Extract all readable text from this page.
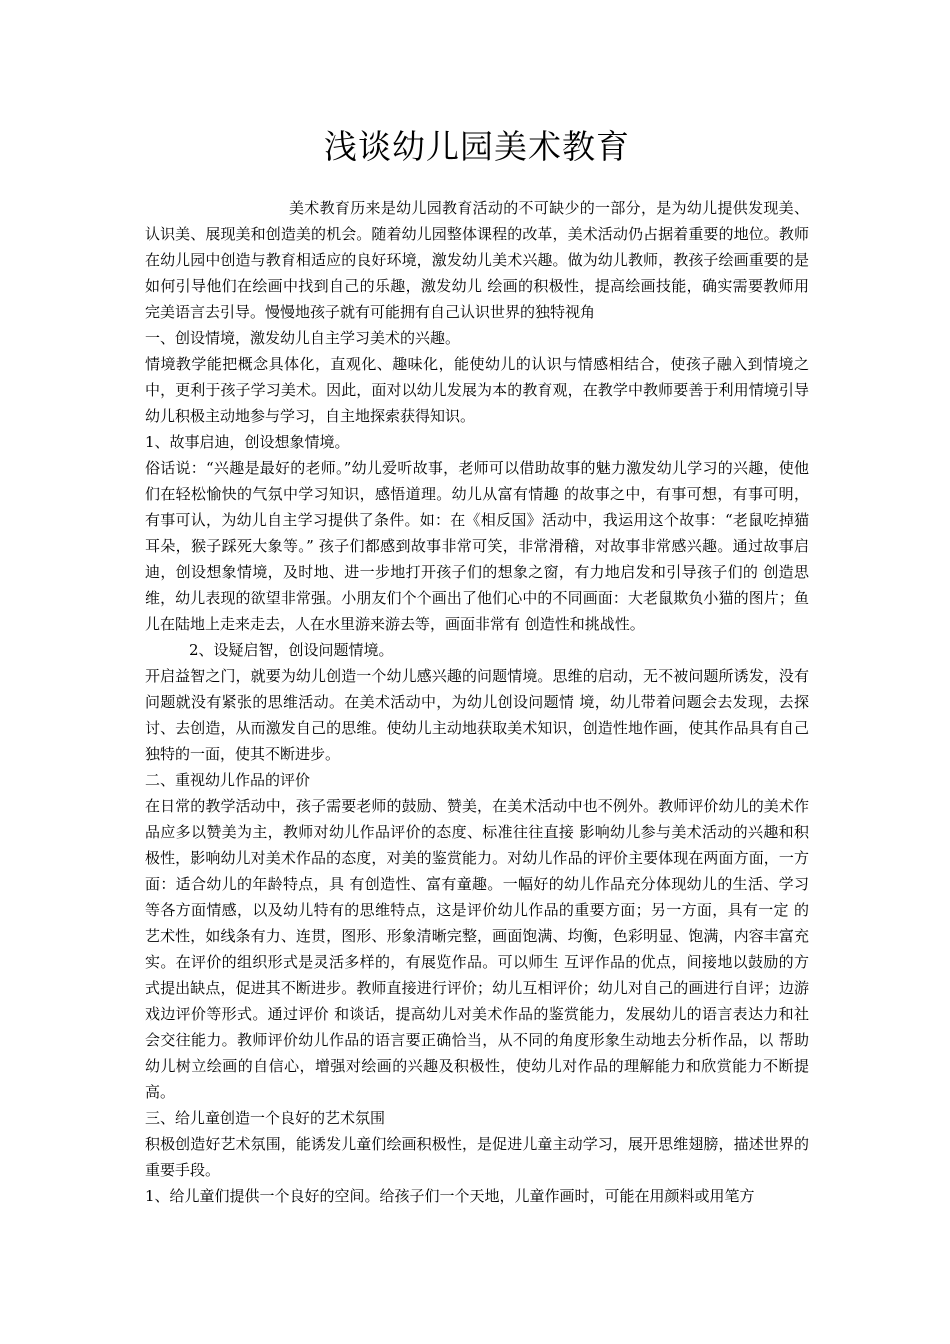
浅谈幼儿园美术教育

美术教育历来是幼儿园教育活动的不可缺少的一部分，是为幼儿提供发现美、认识美、展现美和创造美的机会。随着幼儿园整体课程的改革，美术活动仍占据着重要的地位。教师在幼儿园中创造与教育相适应的良好环境，激发幼儿美术兴趣。做为幼儿教师，教孩子绘画重要的是如何引导他们在绘画中找到自己的乐趣，激发幼儿 绘画的积极性，提高绘画技能，确实需要教师用完美语言去引导。慢慢地孩子就有可能拥有自己认识世界的独特视角

一、创设情境，激发幼儿自主学习美术的兴趣。

情境教学能把概念具体化，直观化、趣味化，能使幼儿的认识与情感相结合，使孩子融入到情境之中，更利于孩子学习美术。因此，面对以幼儿发展为本的教育观，在教学中教师要善于利用情境引导幼儿积极主动地参与学习，自主地探索获得知识。

1、故事启迪，创设想象情境。

俗话说：“兴趣是最好的老师。”幼儿爱听故事，老师可以借助故事的魅力激发幼儿学习的兴趣，使他们在轻松愉快的气氛中学习知识，感悟道理。幼儿从富有情趣 的故事之中，有事可想，有事可明，有事可认，为幼儿自主学习提供了条件。如：在《相反国》活动中，我运用这个故事：“老鼠吃掉猫耳朵，猴子踩死大象等。” 孩子们都感到故事非常可笑，非常滑稽，对故事非常感兴趣。通过故事启迪，创设想象情境，及时地、进一步地打开孩子们的想象之窗，有力地启发和引导孩子们的 创造思维，幼儿表现的欲望非常强。小朋友们个个画出了他们心中的不同画面：大老鼠欺负小猫的图片；鱼儿在陆地上走来走去，人在水里游来游去等，画面非常有 创造性和挑战性。

2、设疑启智，创设问题情境。

开启益智之门，就要为幼儿创造一个幼儿感兴趣的问题情境。思维的启动，无不被问题所诱发，没有问题就没有紧张的思维活动。在美术活动中，为幼儿创设问题情 境，幼儿带着问题会去发现，去探讨、去创造，从而激发自己的思维。使幼儿主动地获取美术知识，创造性地作画，使其作品具有自己独特的一面，使其不断进步。

二、重视幼儿作品的评价

在日常的教学活动中，孩子需要老师的鼓励、赞美，在美术活动中也不例外。教师评价幼儿的美术作品应多以赞美为主，教师对幼儿作品评价的态度、标准往往直接 影响幼儿参与美术活动的兴趣和积极性，影响幼儿对美术作品的态度，对美的鉴赏能力。对幼儿作品的评价主要体现在两面方面，一方面：适合幼儿的年龄特点，具 有创造性、富有童趣。一幅好的幼儿作品充分体现幼儿的生活、学习等各方面情感，以及幼儿特有的思维特点，这是评价幼儿作品的重要方面；另一方面，具有一定 的艺术性，如线条有力、连贯，图形、形象清晰完整，画面饱满、均衡，色彩明显、饱满，内容丰富充实。在评价的组织形式是灵活多样的，有展览作品。可以师生 互评作品的优点，间接地以鼓励的方式提出缺点，促进其不断进步。教师直接进行评价；幼儿互相评价；幼儿对自己的画进行自评；边游戏边评价等形式。通过评价 和谈话，提高幼儿对美术作品的鉴赏能力，发展幼儿的语言表达力和社会交往能力。教师评价幼儿作品的语言要正确恰当，从不同的角度形象生动地去分析作品，以 帮助幼儿树立绘画的自信心，增强对绘画的兴趣及积极性，使幼儿对作品的理解能力和欣赏能力不断提高。

三、给儿童创造一个良好的艺术氛围

积极创造好艺术氛围，能诱发儿童们绘画积极性，是促进儿童主动学习，展开思维翅膀，描述世界的重要手段。

1、给儿童们提供一个良好的空间。给孩子们一个天地，儿童作画时，可能在用颜料或用笔方
